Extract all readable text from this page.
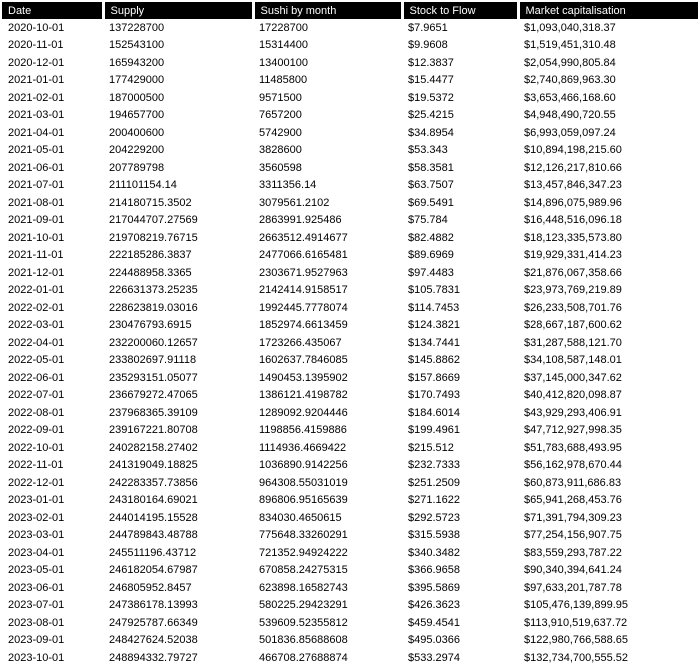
Date	Supply	Sushi by month	Stock to Flow	Market capitalisation
2020-10-01	137228700	17228700	$7.9651	$1,093,040,318.37
2020-11-01	152543100	15314400	$9.9608	$1,519,451,310.48
2020-12-01	165943200	13400100	$12.3837	$2,054,990,805.84
2021-01-01	177429000	11485800	$15.4477	$2,740,869,963.30
2021-02-01	187000500	9571500	$19.5372	$3,653,466,168.60
2021-03-01	194657700	7657200	$25.4215	$4,948,490,720.55
2021-04-01	200400600	5742900	$34.8954	$6,993,059,097.24
2021-05-01	204229200	3828600	$53.343	$10,894,198,215.60
2021-06-01	207789798	3560598	$58.3581	$12,126,217,810.66
2021-07-01	211101154.14	3311356.14	$63.7507	$13,457,846,347.23
2021-08-01	214180715.3502	3079561.2102	$69.5491	$14,896,075,989.96
2021-09-01	217044707.27569	2863991.925486	$75.784	$16,448,516,096.18
2021-10-01	219708219.76715	2663512.4914677	$82.4882	$18,123,335,573.80
2021-11-01	222185286.3837	2477066.6165481	$89.6969	$19,929,331,414.23
2021-12-01	224488958.3365	2303671.9527963	$97.4483	$21,876,067,358.66
2022-01-01	226631373.25235	2142414.9158517	$105.7831	$23,973,769,219.89
2022-02-01	228623819.03016	1992445.7778074	$114.7453	$26,233,508,701.76
2022-03-01	230476793.6915	1852974.6613459	$124.3821	$28,667,187,600.62
2022-04-01	232200060.12657	1723266.435067	$134.7441	$31,287,588,121.70
2022-05-01	233802697.91118	1602637.7846085	$145.8862	$34,108,587,148.01
2022-06-01	235293151.05077	1490453.1395902	$157.8669	$37,145,000,347.62
2022-07-01	236679272.47065	1386121.4198782	$170.7493	$40,412,820,098.87
2022-08-01	237968365.39109	1289092.9204446	$184.6014	$43,929,293,406.91
2022-09-01	239167221.80708	1198856.4159886	$199.4961	$47,712,927,998.35
2022-10-01	240282158.27402	1114936.4669422	$215.512	$51,783,688,493.95
2022-11-01	241319049.18825	1036890.9142256	$232.7333	$56,162,978,670.44
2022-12-01	242283357.73856	964308.55031019	$251.2509	$60,873,911,686.83
2023-01-01	243180164.69021	896806.95165639	$271.1622	$65,941,268,453.76
2023-02-01	244014195.15528	834030.4650615	$292.5723	$71,391,794,309.23
2023-03-01	244789843.48788	775648.33260291	$315.5938	$77,254,156,907.75
2023-04-01	245511196.43712	721352.94924222	$340.3482	$83,559,293,787.22
2023-05-01	246182054.67987	670858.24275315	$366.9658	$90,340,394,641.24
2023-06-01	246805952.8457	623898.16582743	$395.5869	$97,633,201,787.78
2023-07-01	247386178.13993	580225.29423291	$426.3623	$105,476,139,899.95
2023-08-01	247925787.66349	539609.52355812	$459.4541	$113,910,519,637.72
2023-09-01	248427624.52038	501836.85688608	$495.0366	$122,980,766,588.65
2023-10-01	248894332.79727	466708.27688874	$533.2974	$132,734,700,555.52
